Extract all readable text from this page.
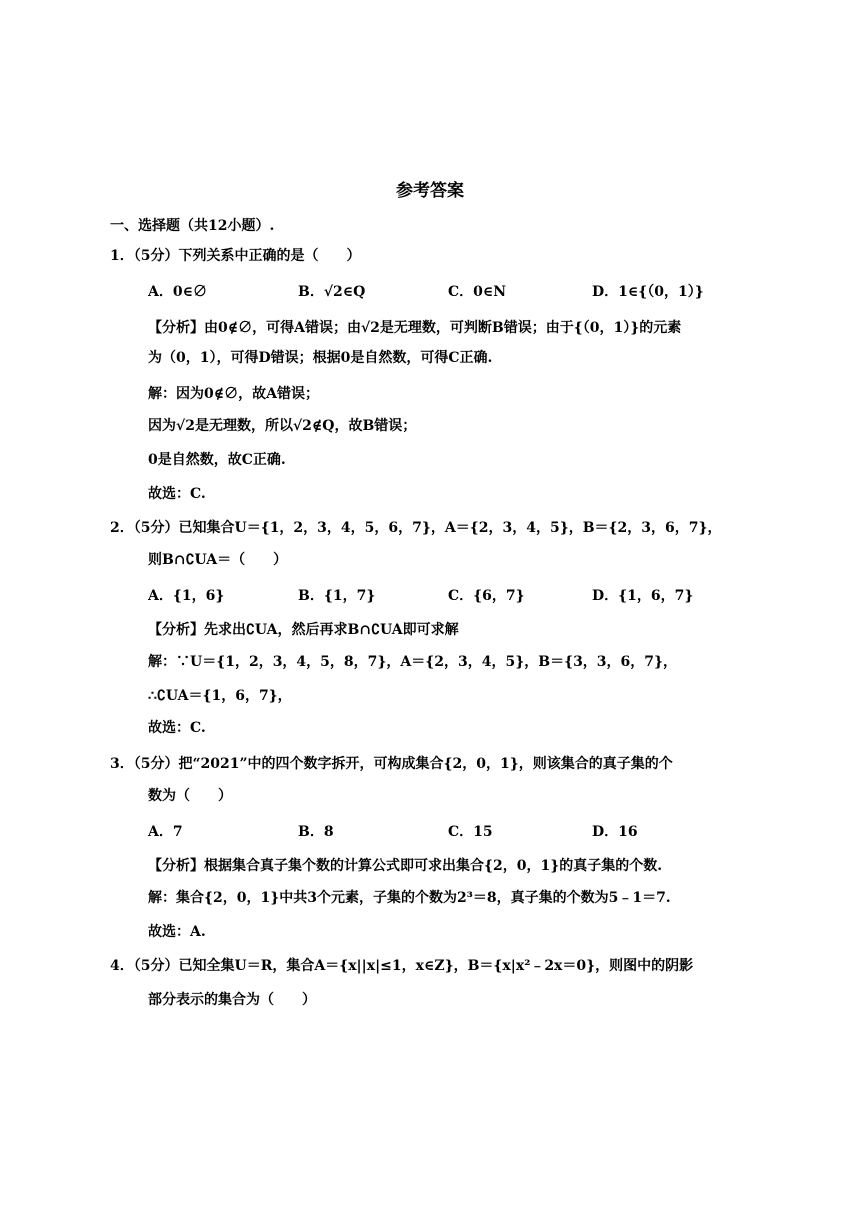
参考答案
一、选择题（共12小题）.
1．（5分）下列关系中正确的是（　　）
A．0∈∅	B．√2∈Q	C．0∈N	D．1∈{（0，1）}
【分析】由0∉∅，可得A错误；由√2是无理数，可判断B错误；由于{（0，1）}的元素
为（0，1），可得D错误；根据0是自然数，可得C正确.
解：因为0∉∅，故A错误；
因为√2是无理数，所以√2∉Q，故B错误；
0是自然数，故C正确.
故选：C.
2．（5分）已知集合U＝{1，2，3，4，5，6，7}，A＝{2，3，4，5}，B＝{2，3，6，7}，
则B∩∁UA＝（　　）
A．{1，6}	B．{1，7}	C．{6，7}	D．{1，6，7}
【分析】先求出∁UA，然后再求B∩∁UA即可求解
解：∵U＝{1，2，3，4，5，8，7}，A＝{2，3，4，5}，B＝{3，3，6，7}，
∴∁UA＝{1，6，7}，
故选：C.
3．（5分）把“2021”中的四个数字拆开，可构成集合{2，0，1}，则该集合的真子集的个
数为（　　）
A．7	B．8	C．15	D．16
【分析】根据集合真子集个数的计算公式即可求出集合{2，0，1}的真子集的个数.
解：集合{2，0，1}中共3个元素，子集的个数为2³＝8，真子集的个数为5﹣1＝7.
故选：A.
4．（5分）已知全集U＝R，集合A＝{x||x|≤1，x∈Z}，B＝{x|x²﹣2x＝0}，则图中的阴影
部分表示的集合为（　　）
